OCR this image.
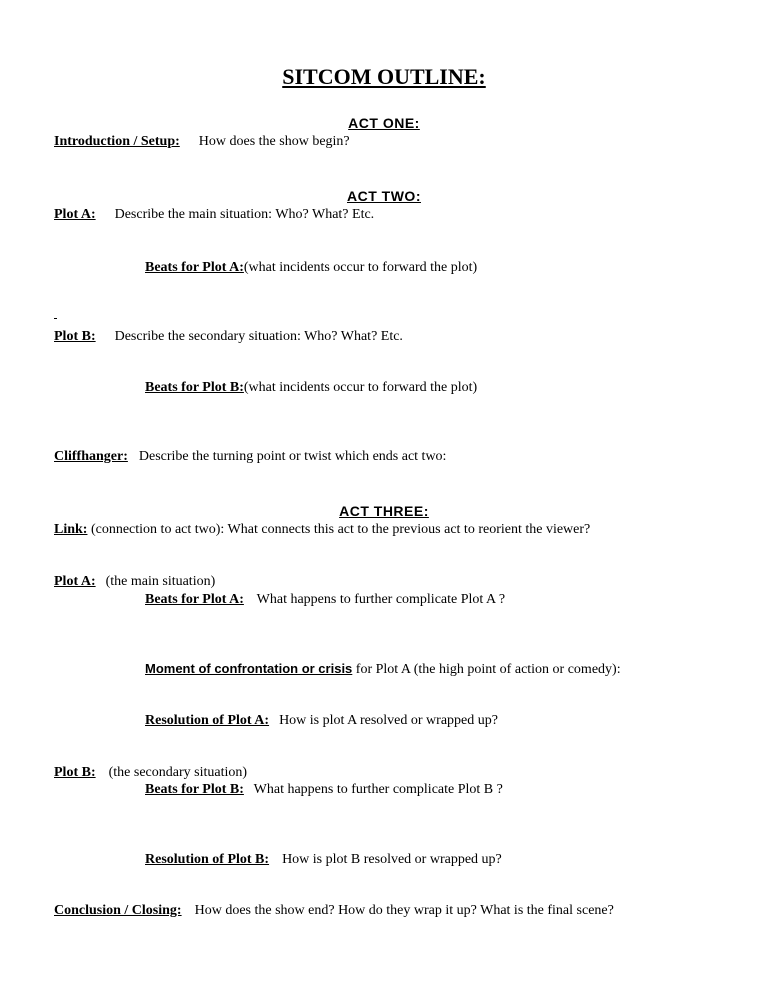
SITCOM OUTLINE:
ACT ONE:
Introduction / Setup: How does the show begin?
ACT TWO:
Plot A: Describe the main situation: Who? What? Etc.
Beats for Plot A:(what incidents occur to forward the plot)
Plot B: Describe the secondary situation: Who? What? Etc.
Beats for Plot B:(what incidents occur to forward the plot)
Cliffhanger: Describe the turning point or twist which ends act two:
ACT THREE:
Link: (connection to act two): What connects this act to the previous act to reorient the viewer?
Plot A: (the main situation)
Beats for Plot A: What happens to further complicate Plot A ?
Moment of confrontation or crisis for Plot A (the high point of action or comedy):
Resolution of Plot A: How is plot A resolved or wrapped up?
Plot B: (the secondary situation)
Beats for Plot B: What happens to further complicate Plot B ?
Resolution of Plot B: How is plot B resolved or wrapped up?
Conclusion / Closing: How does the show end? How do they wrap it up? What is the final scene?
